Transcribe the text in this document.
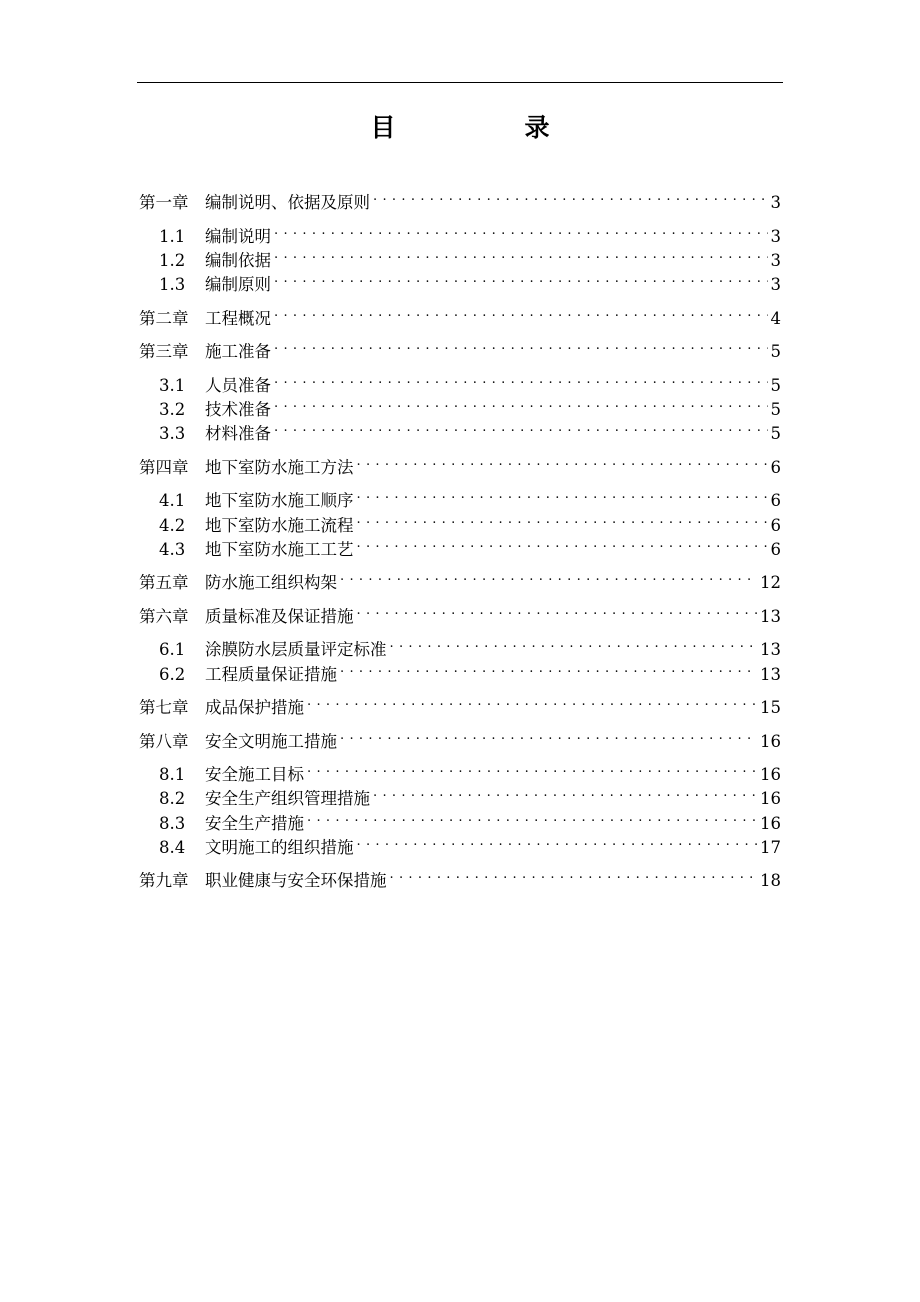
目　录
第一章	编制说明、依据及原则 . . .	3
1.1	编制说明 . . .	3
1.2	编制依据 . . .	3
1.3	编制原则 . . .	3
第二章	工程概况 . . .	4
第三章	施工准备 . . .	5
3.1	人员准备 . . .	5
3.2	技术准备 . . .	5
3.3	材料准备 . . .	5
第四章	地下室防水施工方法 . . .	6
4.1	地下室防水施工顺序 . . .	6
4.2	地下室防水施工流程 . . .	6
4.3	地下室防水施工工艺 . . .	6
第五章	防水施工组织构架 . . .	12
第六章	质量标准及保证措施 . . .	13
6.1	涂膜防水层质量评定标准 . . .	13
6.2	工程质量保证措施 . . .	13
第七章	成品保护措施 . . .	15
第八章	安全文明施工措施 . . .	16
8.1	安全施工目标 . . .	16
8.2	安全生产组织管理措施 . . .	16
8.3	安全生产措施 . . .	16
8.4	文明施工的组织措施 . . .	17
第九章	职业健康与安全环保措施 . . .	18
